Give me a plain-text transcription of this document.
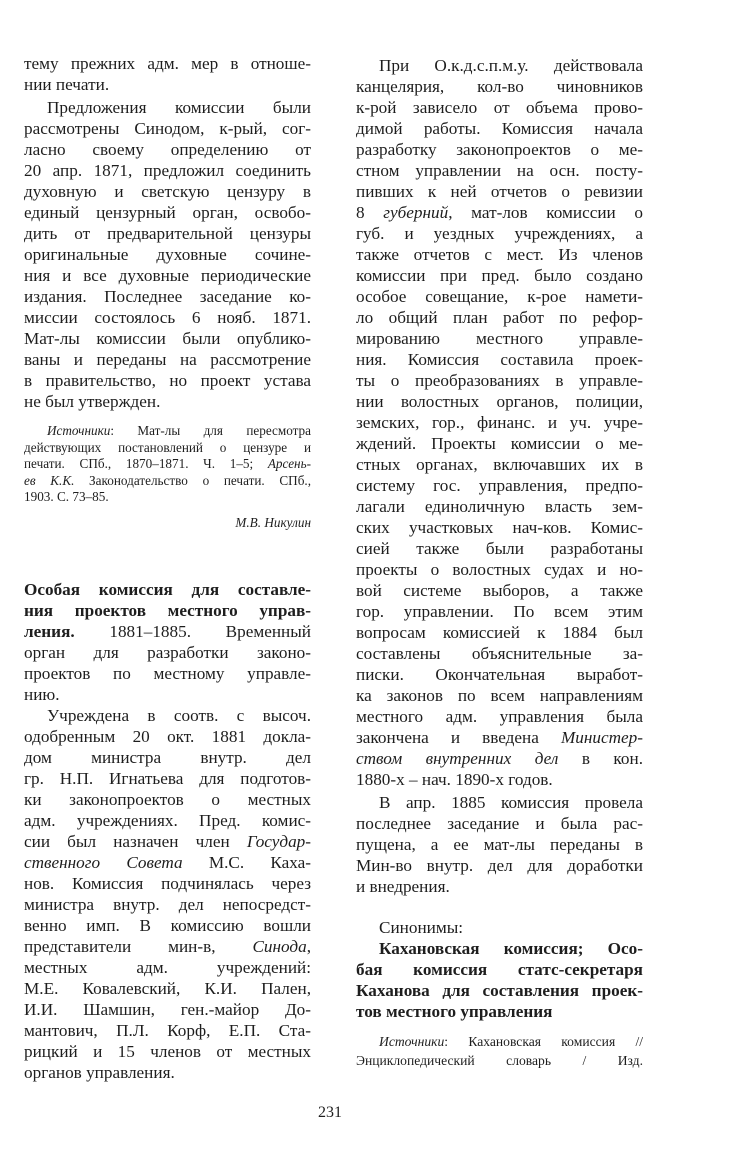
тему прежних адм. мер в отноше-
нии печати.
Предложения комиссии были
рассмотрены Синодом, к-рый, сог-
ласно своему определению от
20 апр. 1871, предложил соединить
духовную и светскую цензуру в
единый цензурный орган, освобо-
дить от предварительной цензуры
оригинальные духовные сочине-
ния и все духовные периодические
издания. Последнее заседание ко-
миссии состоялось 6 нояб. 1871.
Мат-лы комиссии были опублико-
ваны и переданы на рассмотрение
в правительство, но проект устава
не был утвержден.
Источники: Мат-лы для пересмотра
действующих постановлений о цензуре и
печати. СПб., 1870–1871. Ч. 1–5; Арсень-
ев К.К. Законодательство о печати. СПб.,
1903. С. 73–85.
М.В. Никулин
Особая комиссия для составле-
ния проектов местного управ-
ления. 1881–1885. Временный
орган для разработки законо-
проектов по местному управле-
нию.
Учреждена в соотв. с высоч.
одобренным 20 окт. 1881 докла-
дом министра внутр. дел
гр. Н.П. Игнатьева для подготов-
ки законопроектов о местных
адм. учреждениях. Пред. комис-
сии был назначен член Государ-
ственного Совета М.С. Каха-
нов. Комиссия подчинялась через
министра внутр. дел непосредст-
венно имп. В комиссию вошли
представители мин-в, Синода,
местных адм. учреждений:
М.Е. Ковалевский, К.И. Пален,
И.И. Шамшин, ген.-майор До-
мантович, П.Л. Корф, Е.П. Ста-
рицкий и 15 членов от местных
органов управления.
При О.к.д.с.п.м.у. действовала
канцелярия, кол-во чиновников
к-рой зависело от объема прово-
димой работы. Комиссия начала
разработку законопроектов о ме-
стном управлении на осн. посту-
пивших к ней отчетов о ревизии
8 губерний, мат-лов комиссии о
губ. и уездных учреждениях, а
также отчетов с мест. Из членов
комиссии при пред. было создано
особое совещание, к-рое намети-
ло общий план работ по рефор-
мированию местного управле-
ния. Комиссия составила проек-
ты о преобразованиях в управле-
нии волостных органов, полиции,
земских, гор., финанс. и уч. учре-
ждений. Проекты комиссии о ме-
стных органах, включавших их в
систему гос. управления, предпо-
лагали единоличную власть зем-
ских участковых нач-ков. Комис-
сией также были разработаны
проекты о волостных судах и но-
вой системе выборов, а также
гор. управлении. По всем этим
вопросам комиссией к 1884 был
составлены объяснительные за-
писки. Окончательная выработ-
ка законов по всем направлениям
местного адм. управления была
закончена и введена Министер-
ством внутренних дел в кон.
1880-х – нач. 1890-х годов.
В апр. 1885 комиссия провела
последнее заседание и была рас-
пущена, а ее мат-лы переданы в
Мин-во внутр. дел для доработки
и внедрения.
Синонимы:
Кахановская комиссия; Осо-
бая комиссия статс-секретаря
Кахановa для составления проек-
тов местного управления
Источники: Кахановская комиссия //
Энциклопедический словарь / Изд.
231
